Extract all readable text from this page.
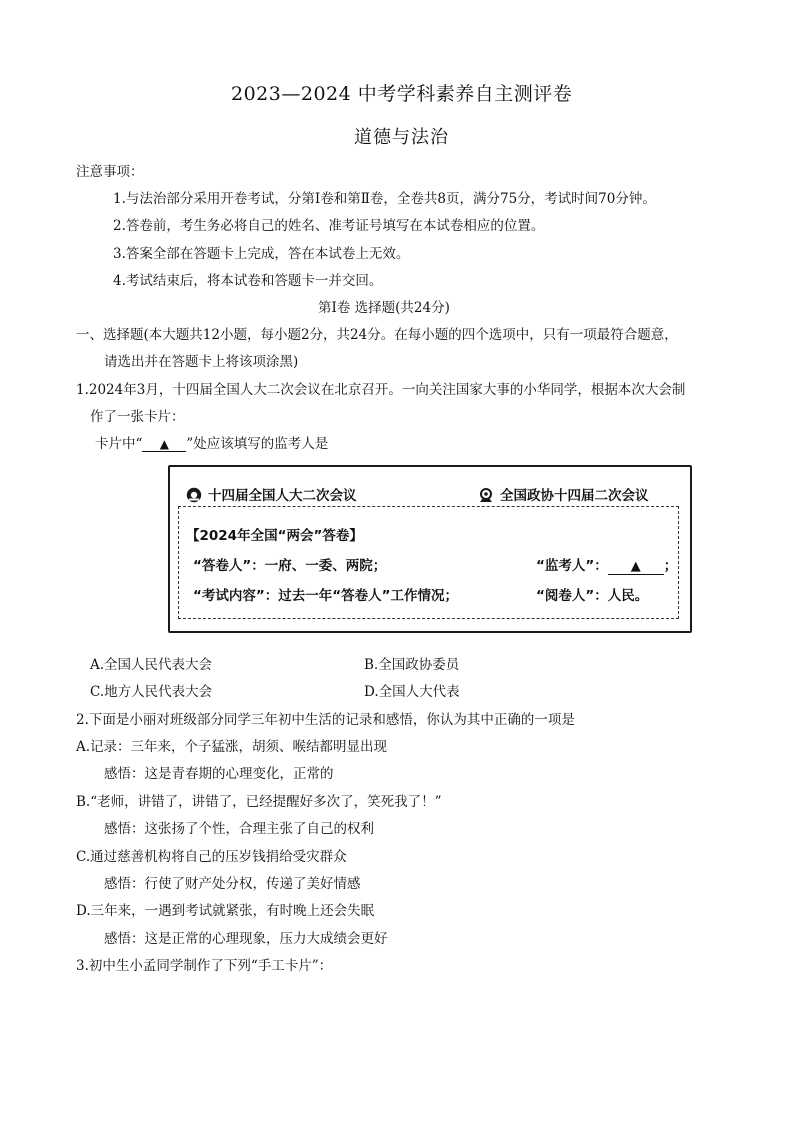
2023—2024 中考学科素养自主测评卷
道德与法治
注意事项：
1.与法治部分采用开卷考试，分第Ⅰ卷和第Ⅱ卷，全卷共8页，满分75分，考试时间70分钟。
2.答卷前，考生务必将自己的姓名、准考证号填写在本试卷相应的位置。
3.答案全部在答题卡上完成，答在本试卷上无效。
4.考试结束后，将本试卷和答题卡一并交回。
第Ⅰ卷 选择题(共24分)
一、选择题(本大题共12小题，每小题2分，共24分。在每小题的四个选项中，只有一项最符合题意，
请选出并在答题卡上将该项涂黑)
1.2024年3月，十四届全国人大二次会议在北京召开。一向关注国家大事的小华同学，根据本次大会制
作了一张卡片：
卡片中“ ▲ ”处应该填写的监考人是
十四届全国人大二次会议	全国政协十四届二次会议
【2024年全国“两会”答卷】
“答卷人”：一府、一委、两院；	“监考人”： ▲ ；
“考试内容”：过去一年“答卷人”工作情况；	“阅卷人”：人民。
A.全国人民代表大会	B.全国政协委员
C.地方人民代表大会	D.全国人大代表
2.下面是小丽对班级部分同学三年初中生活的记录和感悟，你认为其中正确的一项是
A.记录：三年来，个子猛涨，胡须、喉结都明显出现
感悟：这是青春期的心理变化，正常的
B.“老师，讲错了，讲错了，已经提醒好多次了，笑死我了！”
感悟：这张扬了个性，合理主张了自己的权利
C.通过慈善机构将自己的压岁钱捐给受灾群众
感悟：行使了财产处分权，传递了美好情感
D.三年来，一遇到考试就紧张，有时晚上还会失眠
感悟：这是正常的心理现象，压力大成绩会更好
3.初中生小孟同学制作了下列“手工卡片”：
